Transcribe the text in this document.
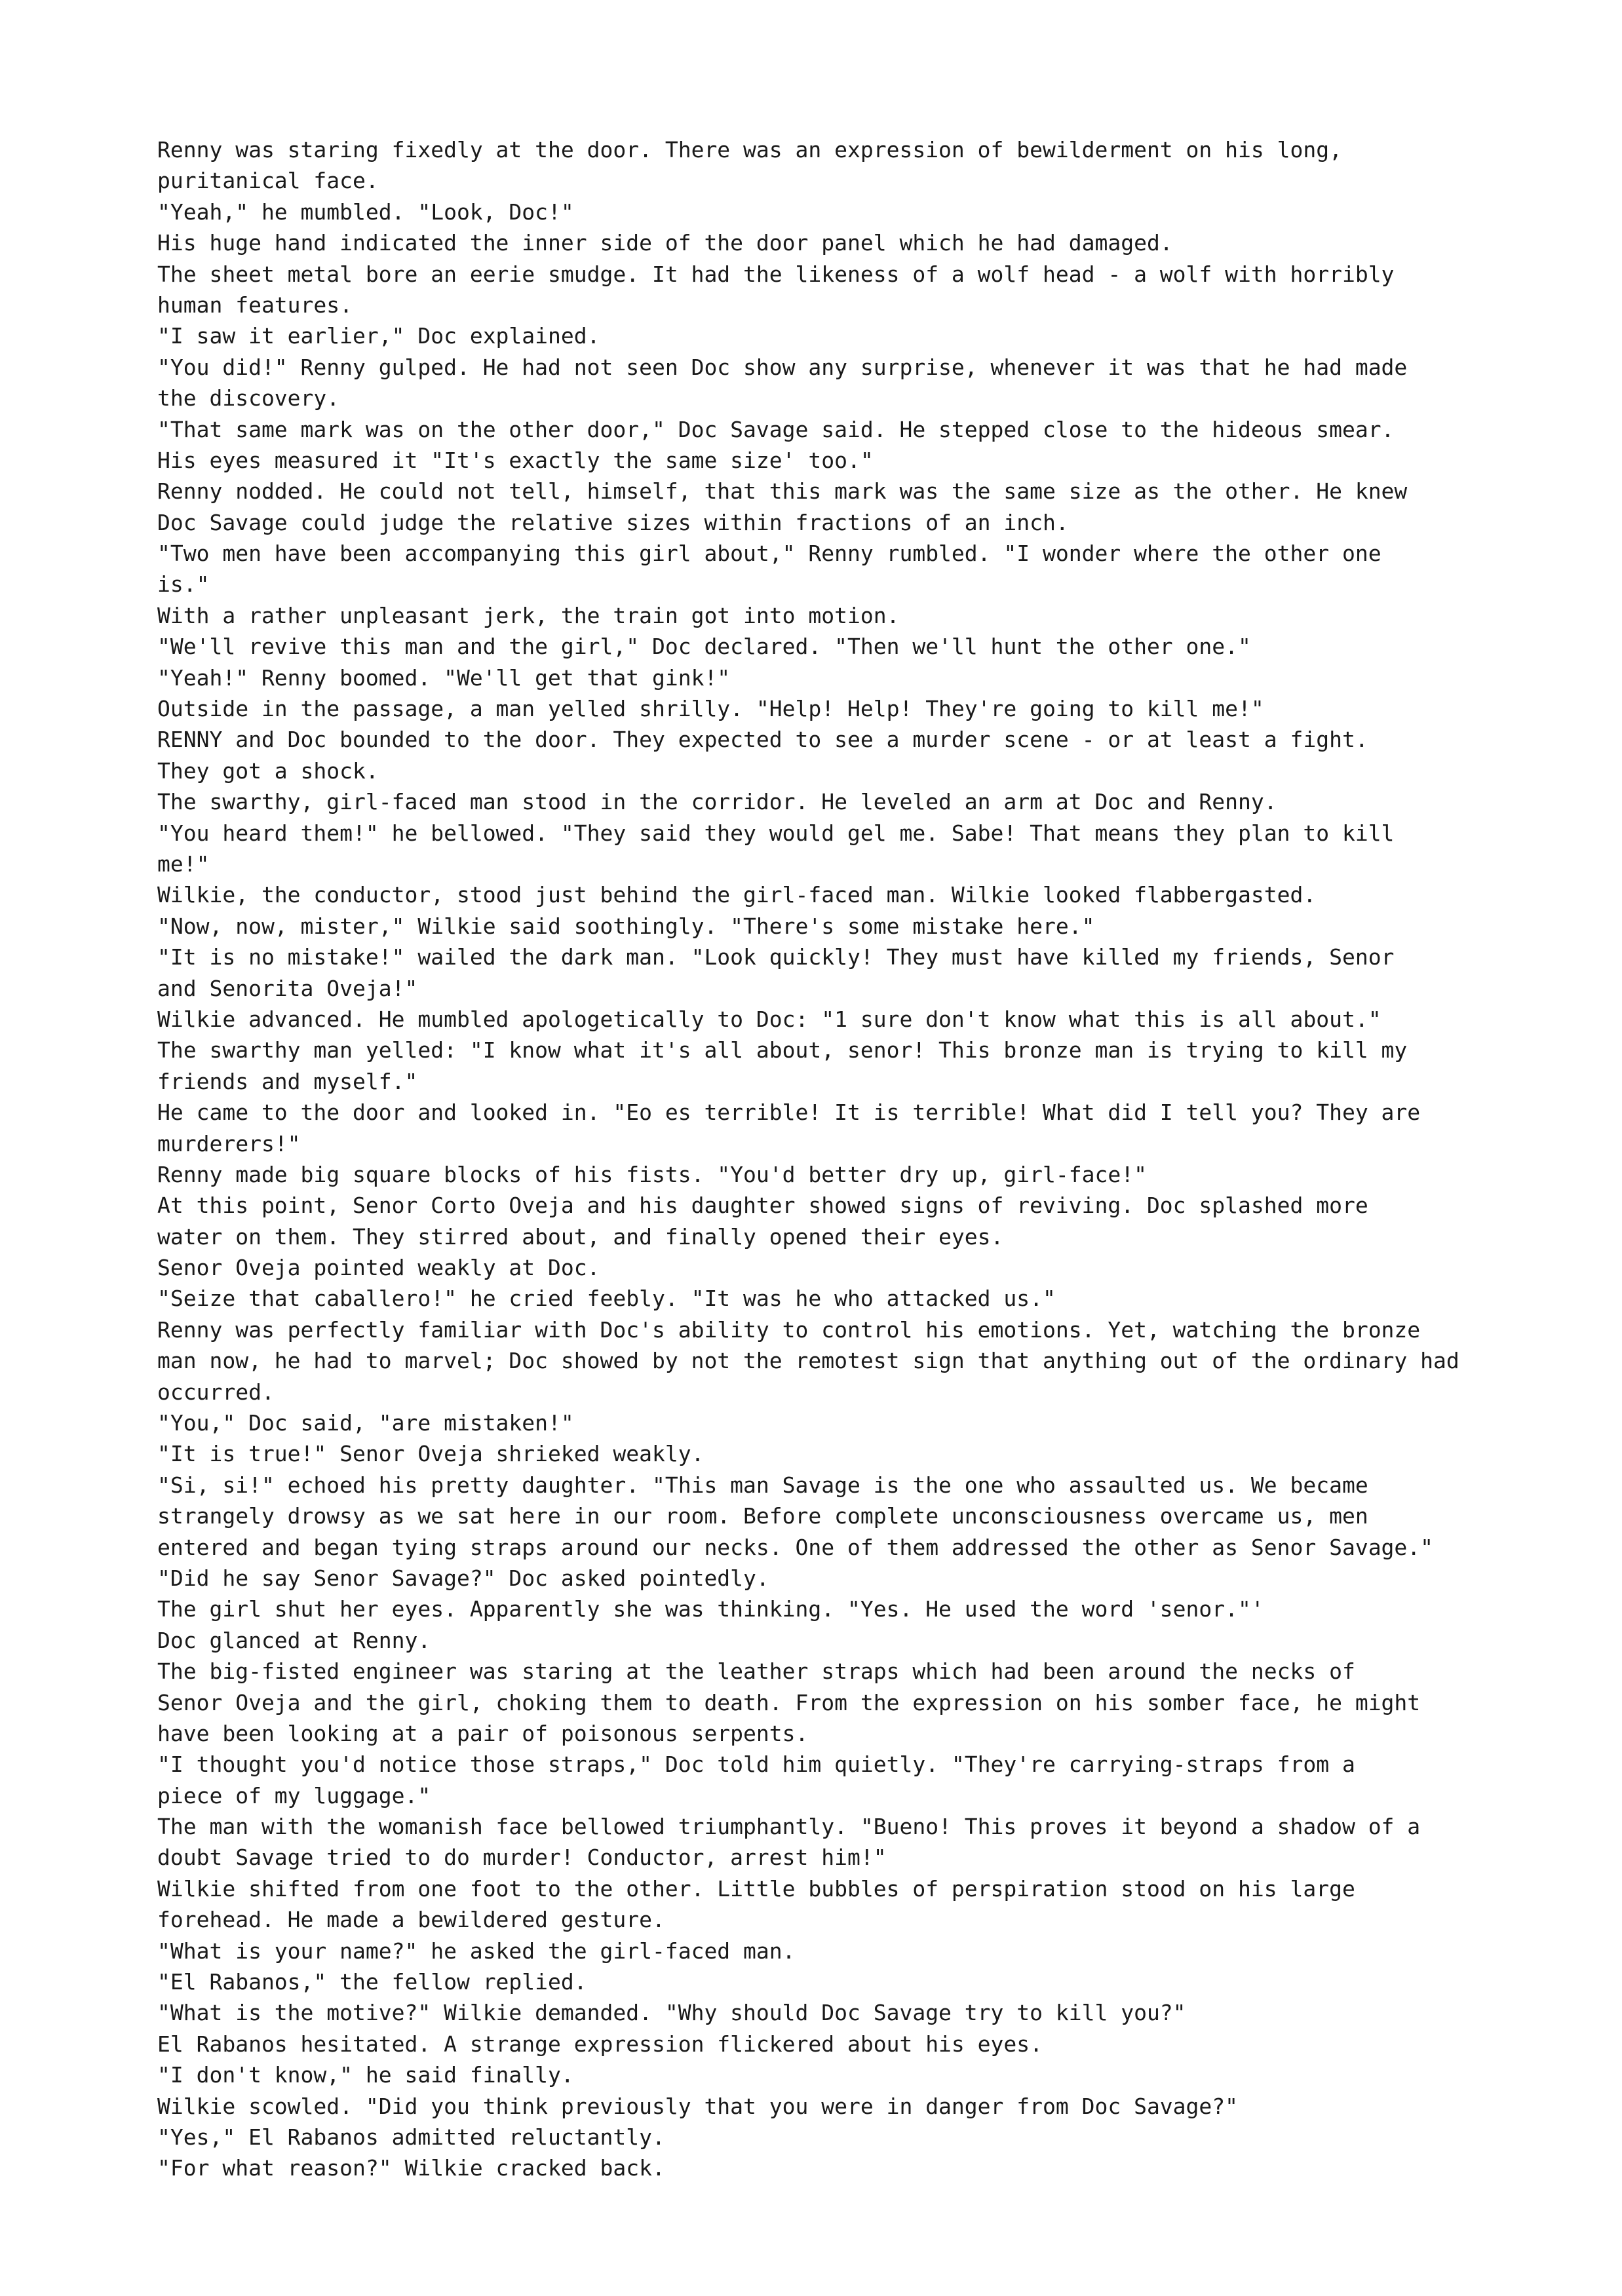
Renny was staring fixedly at the door. There was an expression of bewilderment on his long,
puritanical face.
"Yeah," he mumbled. "Look, Doc!"
His huge hand indicated the inner side of the door panel which he had damaged.
The sheet metal bore an eerie smudge. It had the likeness of a wolf head - a wolf with horribly
human features.
"I saw it earlier," Doc explained.
"You did!" Renny gulped. He had not seen Doc show any surprise, whenever it was that he had made
the discovery.
"That same mark was on the other door," Doc Savage said. He stepped close to the hideous smear.
His eyes measured it "It's exactly the same size' too."
Renny nodded. He could not tell, himself, that this mark was the same size as the other. He knew
Doc Savage could judge the relative sizes within fractions of an inch.
"Two men have been accompanying this girl about," Renny rumbled. "I wonder where the other one
is."
With a rather unpleasant jerk, the train got into motion.
"We'll revive this man and the girl," Doc declared. "Then we'll hunt the other one."
"Yeah!" Renny boomed. "We'll get that gink!"
Outside in the passage, a man yelled shrilly. "Help! Help! They're going to kill me!"
RENNY and Doc bounded to the door. They expected to see a murder scene - or at least a fight.
They got a shock.
The swarthy, girl-faced man stood in the corridor. He leveled an arm at Doc and Renny.
"You heard them!" he bellowed. "They said they would gel me. Sabe! That means they plan to kill
me!"
Wilkie, the conductor, stood just behind the girl-faced man. Wilkie looked flabbergasted.
"Now, now, mister," Wilkie said soothingly. "There's some mistake here."
"It is no mistake!" wailed the dark man. "Look quickly! They must have killed my friends, Senor
and Senorita Oveja!"
Wilkie advanced. He mumbled apologetically to Doc: "1 sure don't know what this is all about."
The swarthy man yelled: "I know what it's all about, senor! This bronze man is trying to kill my
friends and myself."
He came to the door and looked in. "Eo es terrible! It is terrible! What did I tell you? They are
murderers!"
Renny made big square blocks of his fists. "You'd better dry up, girl-face!"
At this point, Senor Corto Oveja and his daughter showed signs of reviving. Doc splashed more
water on them. They stirred about, and finally opened their eyes.
Senor Oveja pointed weakly at Doc.
"Seize that caballero!" he cried feebly. "It was he who attacked us."
Renny was perfectly familiar with Doc's ability to control his emotions. Yet, watching the bronze
man now, he had to marvel; Doc showed by not the remotest sign that anything out of the ordinary had
occurred.
"You," Doc said, "are mistaken!"
"It is true!" Senor Oveja shrieked weakly.
"Si, si!" echoed his pretty daughter. "This man Savage is the one who assaulted us. We became
strangely drowsy as we sat here in our room. Before complete unconsciousness overcame us, men
entered and began tying straps around our necks. One of them addressed the other as Senor Savage."
"Did he say Senor Savage?" Doc asked pointedly.
The girl shut her eyes. Apparently she was thinking. "Yes. He used the word 'senor."'
Doc glanced at Renny.
The big-fisted engineer was staring at the leather straps which had been around the necks of
Senor Oveja and the girl, choking them to death. From the expression on his somber face, he might
have been looking at a pair of poisonous serpents.
"I thought you'd notice those straps," Doc told him quietly. "They're carrying-straps from a
piece of my luggage."
The man with the womanish face bellowed triumphantly. "Bueno! This proves it beyond a shadow of a
doubt Savage tried to do murder! Conductor, arrest him!"
Wilkie shifted from one foot to the other. Little bubbles of perspiration stood on his large
forehead. He made a bewildered gesture.
"What is your name?" he asked the girl-faced man.
"El Rabanos," the fellow replied.
"What is the motive?" Wilkie demanded. "Why should Doc Savage try to kill you?"
El Rabanos hesitated. A strange expression flickered about his eyes.
"I don't know," he said finally.
Wilkie scowled. "Did you think previously that you were in danger from Doc Savage?"
"Yes," El Rabanos admitted reluctantly.
"For what reason?" Wilkie cracked back.
